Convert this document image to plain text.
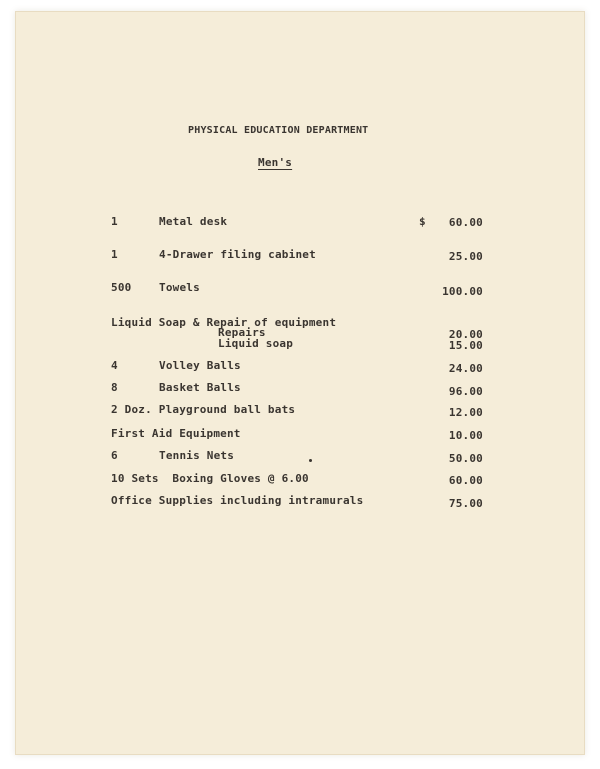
PHYSICAL EDUCATION DEPARTMENT
Men's
1	Metal desk	$	60.00
1	4-Drawer filing cabinet	25.00
500	Towels	100.00
Liquid Soap & Repair of equipment
Repairs	20.00
Liquid soap	15.00
4	Volley Balls	24.00
8	Basket Balls	96.00
2 Doz. Playground ball bats	12.00
First Aid Equipment	10.00
6	Tennis Nets	50.00
10 Sets  Boxing Gloves @ 6.00	60.00
Office Supplies including intramurals	75.00
